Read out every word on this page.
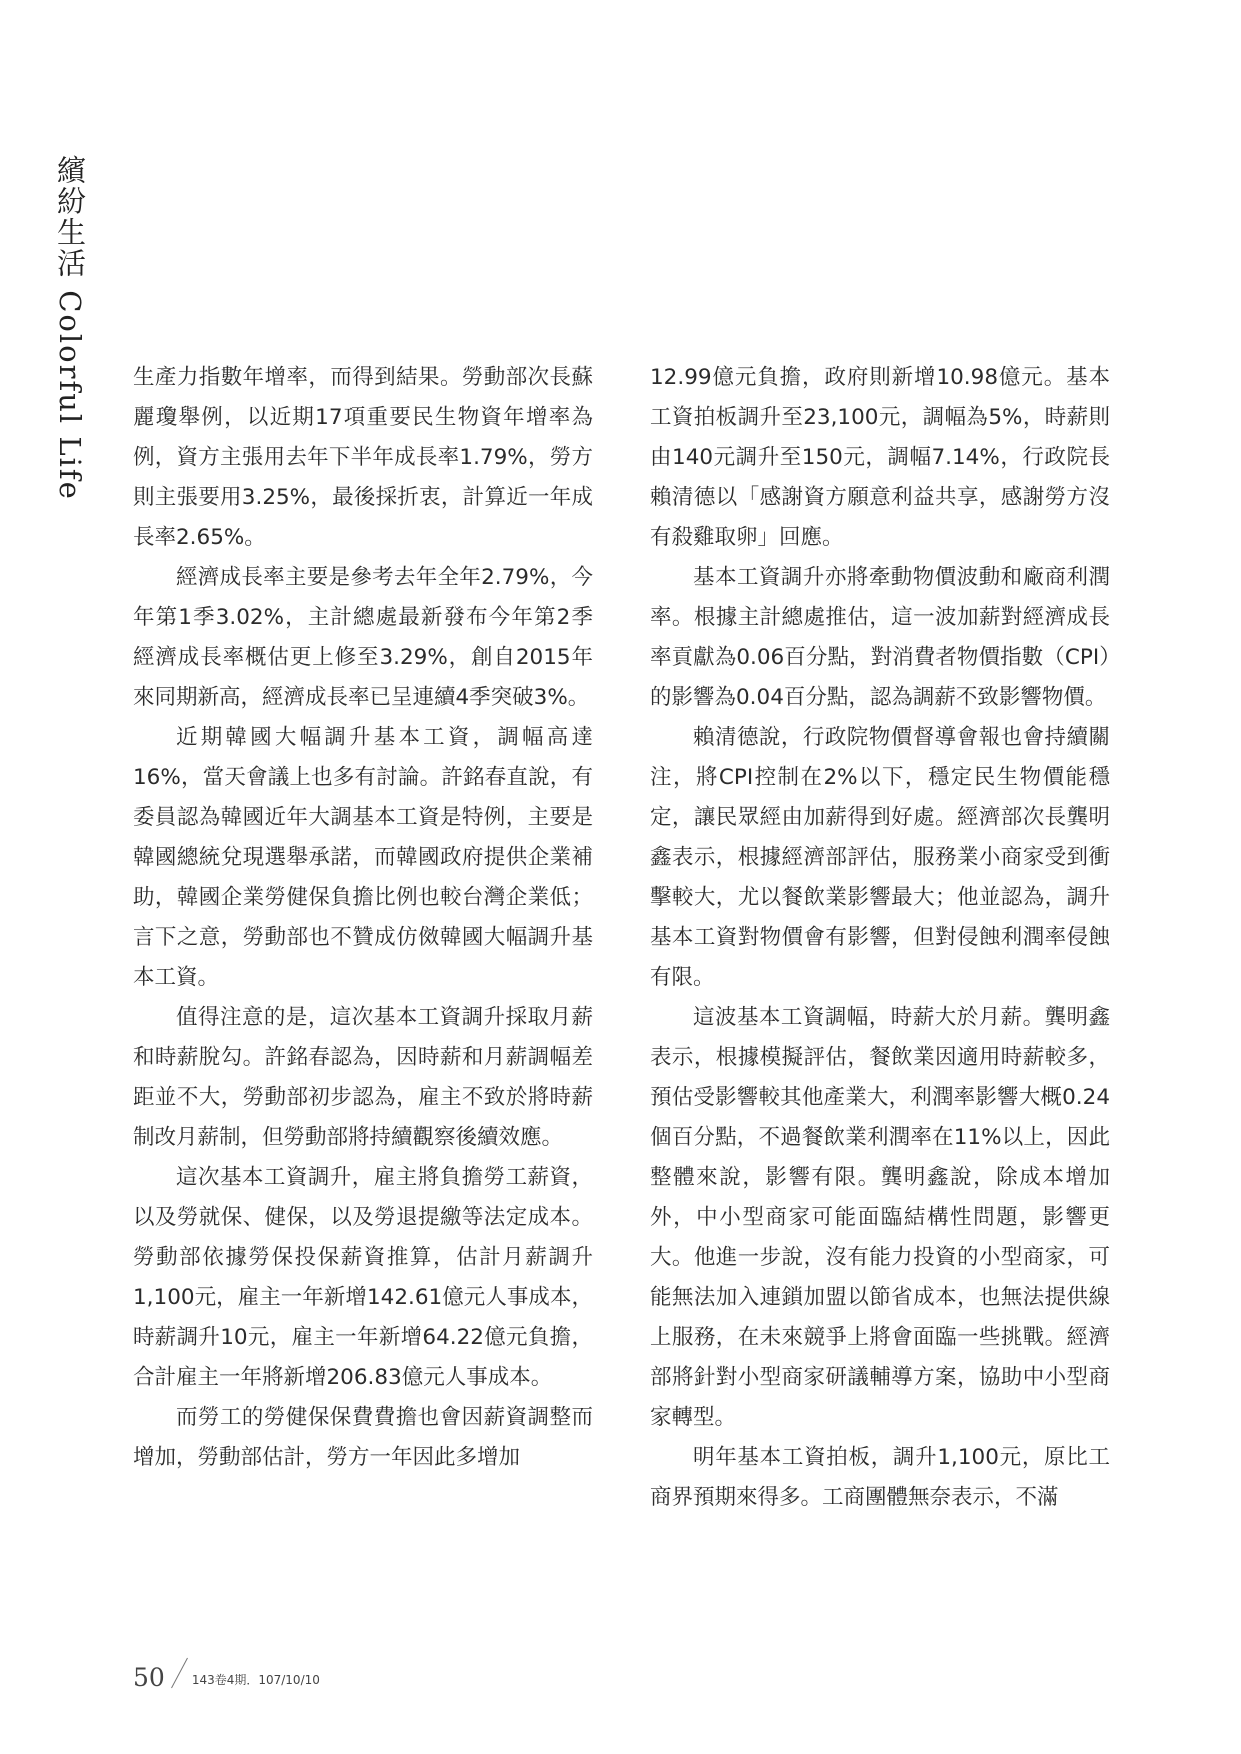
繽紛生活 Colorful Life 生產力指數年增率，而得到結果。勞動部次長蘇麗瓊舉例，以近期17項重要民生物資年增率為例，資方主張用去年下半年成長率1.79%，勞方則主張要用3.25%，最後採折衷，計算近一年成長率2.65%。

經濟成長率主要是參考去年全年2.79%，今年第1季3.02%，主計總處最新發布今年第2季經濟成長率概估更上修至3.29%，創自2015年來同期新高，經濟成長率已呈連續4季突破3%。

近期韓國大幅調升基本工資，調幅高達16%，當天會議上也多有討論。許銘春直說，有委員認為韓國近年大調基本工資是特例，主要是韓國總統兌現選舉承諾，而韓國政府提供企業補助，韓國企業勞健保負擔比例也較台灣企業低；言下之意，勞動部也不贊成仿傚韓國大幅調升基本工資。

值得注意的是，這次基本工資調升採取月薪和時薪脫勾。許銘春認為，因時薪和月薪調幅差距並不大，勞動部初步認為，雇主不致於將時薪制改月薪制，但勞動部將持續觀察後續效應。

這次基本工資調升，雇主將負擔勞工薪資，以及勞就保、健保，以及勞退提繳等法定成本。勞動部依據勞保投保薪資推算，估計月薪調升1,100元，雇主一年新增142.61億元人事成本，時薪調升10元，雇主一年新增64.22億元負擔，合計雇主一年將新增206.83億元人事成本。

而勞工的勞健保保費費擔也會因薪資調整而增加，勞動部估計，勞方一年因此多增加

12.99億元負擔，政府則新增10.98億元。基本工資拍板調升至23,100元，調幅為5%，時薪則由140元調升至150元，調幅7.14%，行政院長賴清德以「感謝資方願意利益共享，感謝勞方沒有殺雞取卵」回應。

基本工資調升亦將牽動物價波動和廠商利潤率。根據主計總處推估，這一波加薪對經濟成長率貢獻為0.06百分點，對消費者物價指數（CPI）的影響為0.04百分點，認為調薪不致影響物價。

賴清德說，行政院物價督導會報也會持續關注，將CPI控制在2%以下，穩定民生物價能穩定，讓民眾經由加薪得到好處。經濟部次長龔明鑫表示，根據經濟部評估，服務業小商家受到衝擊較大，尤以餐飲業影響最大；他並認為，調升基本工資對物價會有影響，但對侵蝕利潤率侵蝕有限。

這波基本工資調幅，時薪大於月薪。龔明鑫表示，根據模擬評估，餐飲業因適用時薪較多，預估受影響較其他產業大，利潤率影響大概0.24個百分點，不過餐飲業利潤率在11%以上，因此整體來說，影響有限。龔明鑫說，除成本增加外，中小型商家可能面臨結構性問題，影響更大。他進一步說，沒有能力投資的小型商家，可能無法加入連鎖加盟以節省成本，也無法提供線上服務，在未來競爭上將會面臨一些挑戰。經濟部將針對小型商家研議輔導方案，協助中小型商家轉型。

明年基本工資拍板，調升1,100元，原比工商界預期來得多。工商團體無奈表示，不滿

50 143卷4期．107/10/10
